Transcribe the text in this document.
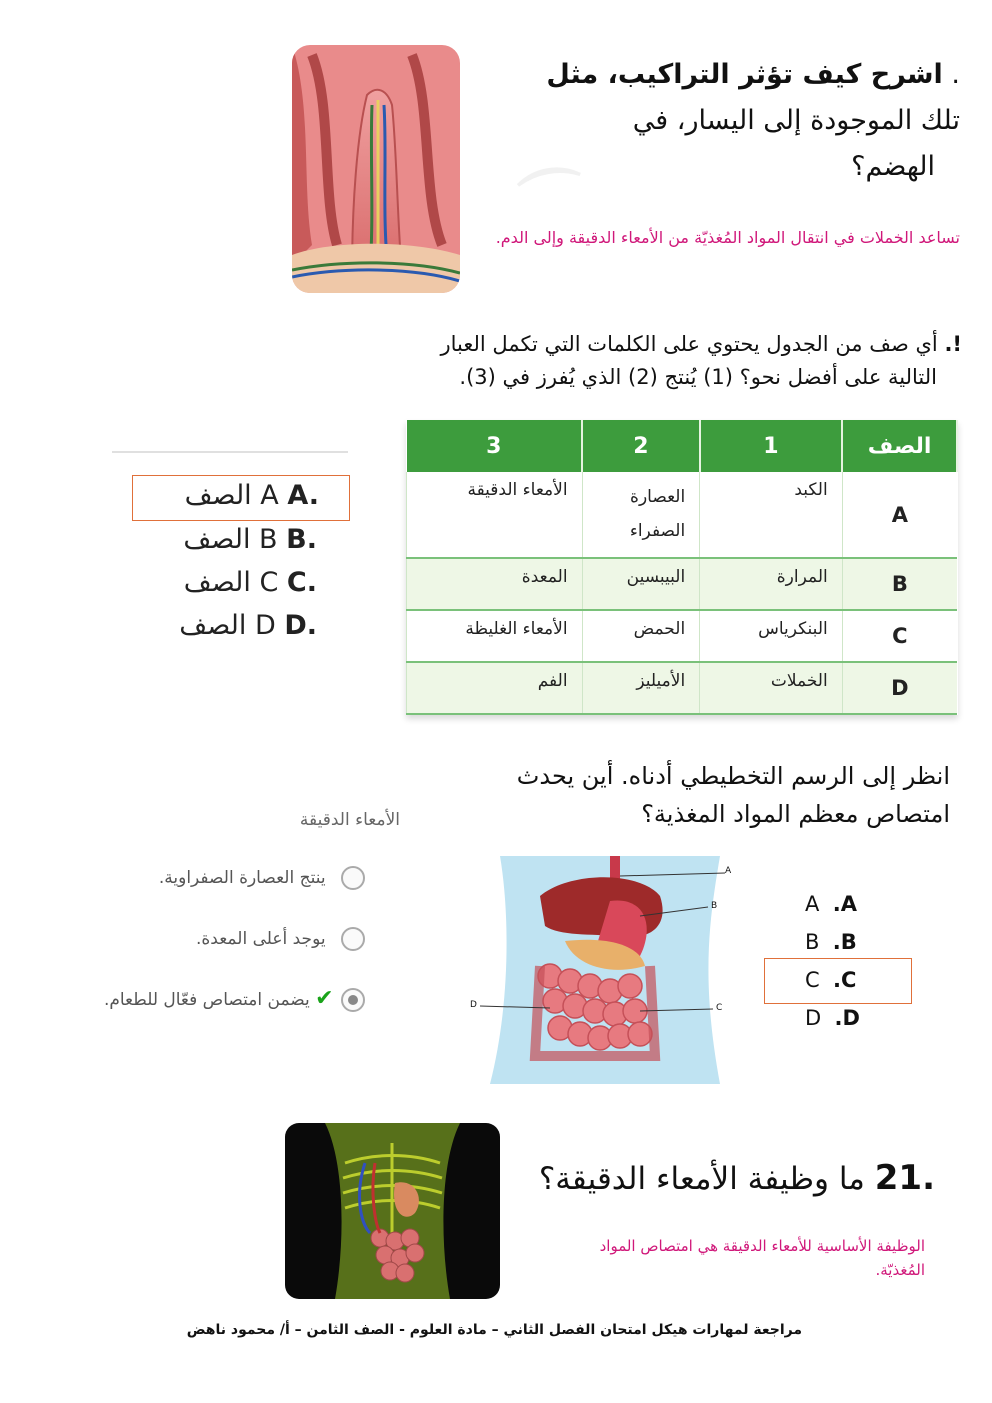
⌒
. اشرح كيف تؤثر التراكيب، مثل
تلك الموجودة إلى اليسار، في
الهضم؟
تساعد الخملات في انتقال المواد المُغذيّة من الأمعاء الدقيقة وإلى الدم.
!. أي صف من الجدول يحتوي على الكلمات التي تكمل العبار
التالية على أفضل نحو؟ (1) يُنتج (2) الذي يُفرز في (3).
الصف	1	2	3
A	الكبد	العصارة الصفراء	الأمعاء الدقيقة
B	المرارة	البيبسين	المعدة
C	البنكرياس	الحمض	الأمعاء الغليظة
D	الخملات	الأميليز	الفم
الصف A A.
الصف B B.
الصف C C.
الصف D D.
انظر إلى الرسم التخطيطي أدناه. أين يحدث
امتصاص معظم المواد المغذية؟
A
B
C
D
A .A
B .B
C .C
D .D
الأمعاء الدقيقة
ينتج العصارة الصفراوية.
يوجد أعلى المعدة.
✔ يضمن امتصاص فعّال للطعام.
.21 ما وظيفة الأمعاء الدقيقة؟
الوظيفة الأساسية للأمعاء الدقيقة هي امتصاص المواد
المُغذيّة.
مراجعة لمهارات هيكل امتحان الفصل الثاني – مادة العلوم - الصف الثامن – أ/ محمود ناهض
